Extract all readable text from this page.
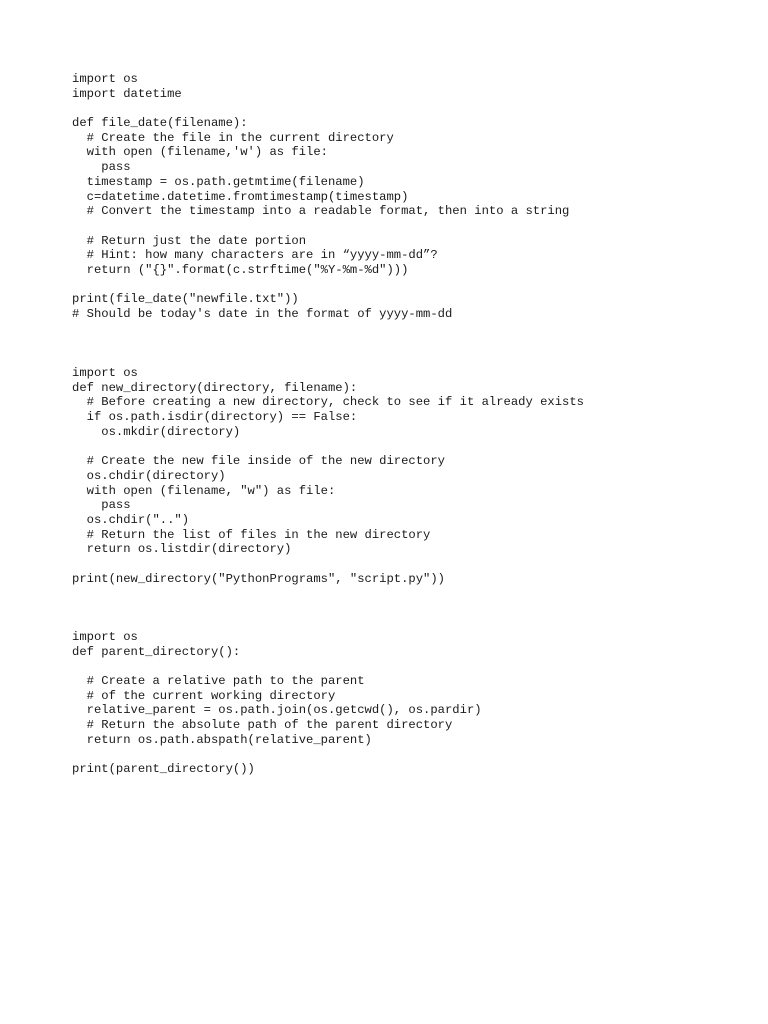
import os
import datetime
def file_date(filename):
# Create the file in the current directory
with open (filename,'w') as file:
pass
timestamp = os.path.getmtime(filename)
c=datetime.datetime.fromtimestamp(timestamp)
# Convert the timestamp into a readable format, then into a string
# Return just the date portion
# Hint: how many characters are in “yyyy-mm-dd”?
return ("{}".format(c.strftime("%Y-%m-%d")))
print(file_date("newfile.txt"))
# Should be today's date in the format of yyyy-mm-dd
import os
def new_directory(directory, filename):
# Before creating a new directory, check to see if it already exists
if os.path.isdir(directory) == False:
os.mkdir(directory)
# Create the new file inside of the new directory
os.chdir(directory)
with open (filename, "w") as file:
pass
os.chdir("..")
# Return the list of files in the new directory
return os.listdir(directory)
print(new_directory("PythonPrograms", "script.py"))
import os
def parent_directory():
# Create a relative path to the parent
# of the current working directory
relative_parent = os.path.join(os.getcwd(), os.pardir)
# Return the absolute path of the parent directory
return os.path.abspath(relative_parent)
print(parent_directory())
